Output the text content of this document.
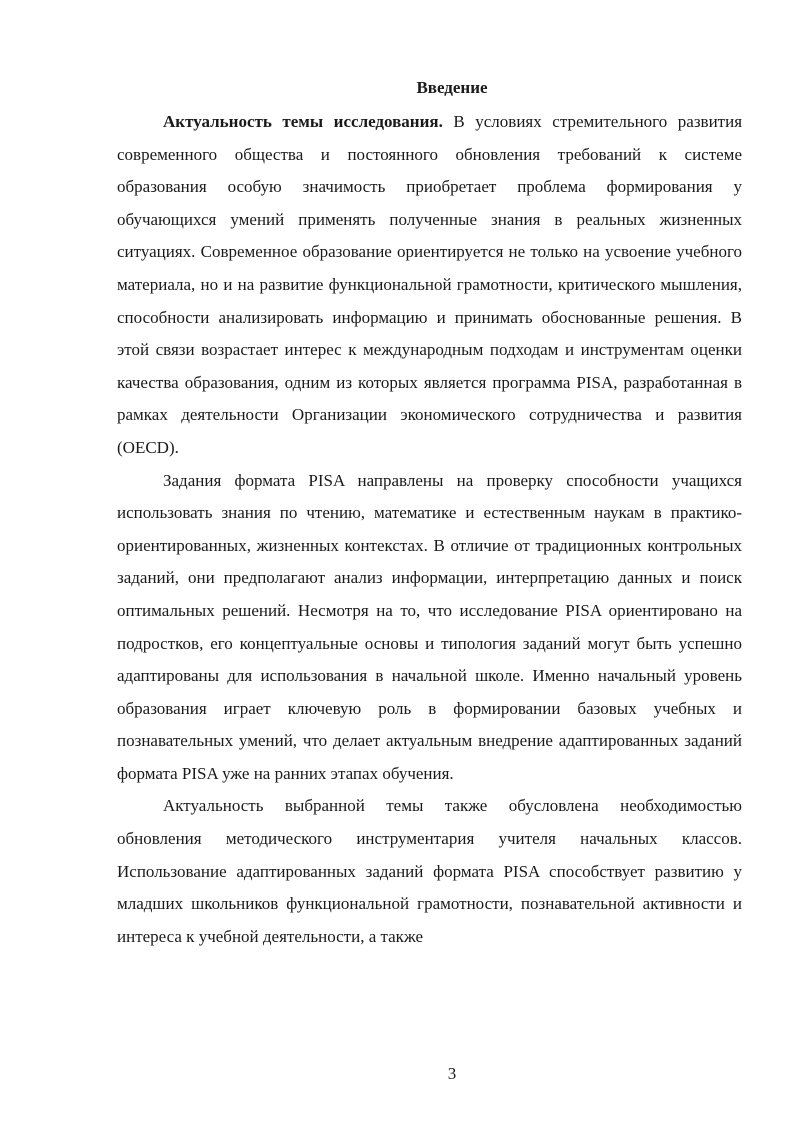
Введение

Актуальность темы исследования. В условиях стремительного развития современного общества и постоянного обновления требований к системе образования особую значимость приобретает проблема формирования у обучающихся умений применять полученные знания в реальных жизненных ситуациях. Современное образование ориентируется не только на усвоение учебного материала, но и на развитие функциональной грамотности, критического мышления, способности анализировать информацию и принимать обоснованные решения. В этой связи возрастает интерес к международным подходам и инструментам оценки качества образования, одним из которых является программа PISA, разработанная в рамках деятельности Организации экономического сотрудничества и развития (OECD).

Задания формата PISA направлены на проверку способности учащихся использовать знания по чтению, математике и естественным наукам в практико-ориентированных, жизненных контекстах. В отличие от традиционных контрольных заданий, они предполагают анализ информации, интерпретацию данных и поиск оптимальных решений. Несмотря на то, что исследование PISA ориентировано на подростков, его концептуальные основы и типология заданий могут быть успешно адаптированы для использования в начальной школе. Именно начальный уровень образования играет ключевую роль в формировании базовых учебных и познавательных умений, что делает актуальным внедрение адаптированных заданий формата PISA уже на ранних этапах обучения.

Актуальность выбранной темы также обусловлена необходимостью обновления методического инструментария учителя начальных классов. Использование адаптированных заданий формата PISA способствует развитию у младших школьников функциональной грамотности, познавательной активности и интереса к учебной деятельности, а также

3
